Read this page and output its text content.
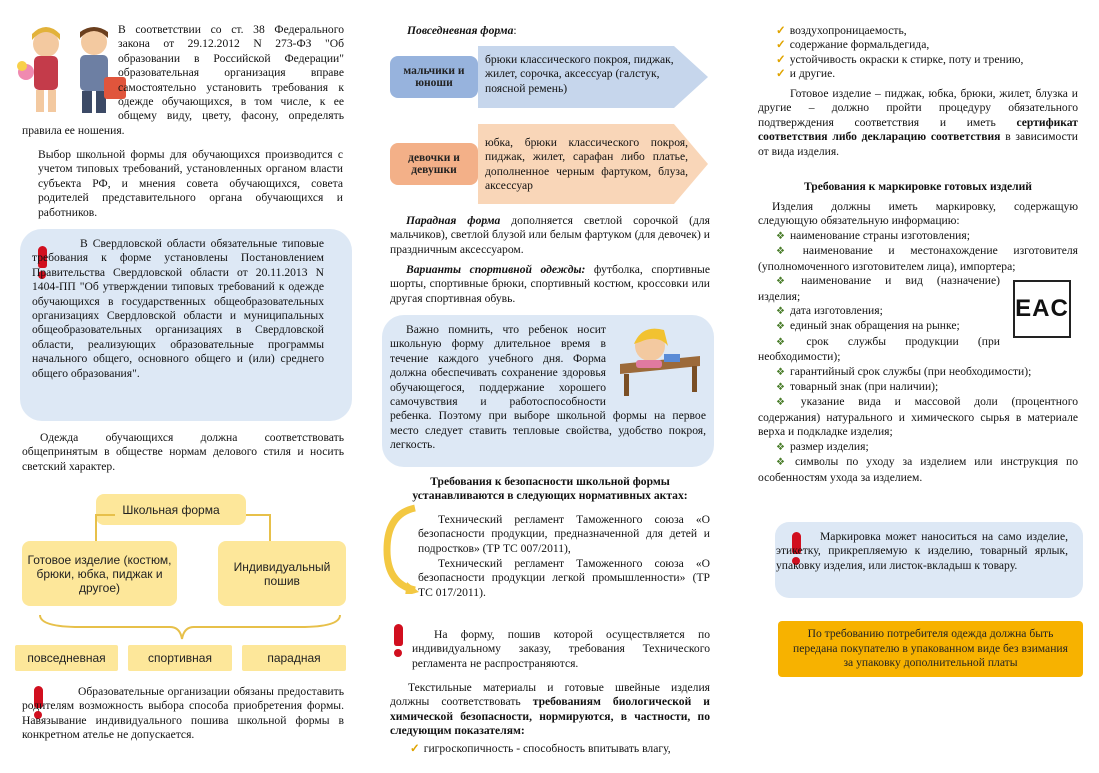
В соответствии со ст. 38 Федерального закона от 29.12.2012 N 273-ФЗ "Об образовании в Российской Федерации" образовательная организация вправе самостоятельно установить требования к одежде обучающихся, в том числе, к ее общему виду, цвету, фасону, определять правила ее ношения.
Выбор школьной формы для обучающихся производится с учетом типовых требований, установленных органом власти субъекта РФ, и мнения совета обучающихся, совета родителей представительного органа обучающихся и работников.
В Свердловской области обязательные типовые требования к форме установлены Постановлением Правительства Свердловской области от 20.11.2013 N 1404-ПП "Об утверждении типовых требований к одежде обучающихся в государственных общеобразовательных организациях Свердловской области и муниципальных общеобразовательных организациях в Свердловской области, реализующих образовательные программы начального общего, основного общего и (или) среднего общего образования".
Одежда обучающихся должна соответствовать общепринятым в обществе нормам делового стиля и носить светский характер.
Школьная форма
Готовое изделие (костюм, брюки, юбка, пиджак и другое)
Индивидуальный пошив
повседневная	спортивная	парадная
Образовательные организации обязаны предоставить родителям возможность выбора способа приобретения формы. Навязывание индивидуального пошива школьной формы в конкретном ателье не допускается.
Повседневная форма:
мальчики и юноши
брюки классического покроя, пиджак, жилет, сорочка, аксессуар (галстук, поясной ремень)
девочки и девушки
юбка, брюки классического покроя, пиджак, жилет, сарафан либо платье, дополненное черным фартуком, блуза, аксессуар
Парадная форма дополняется светлой сорочкой (для мальчиков), светлой блузой или белым фартуком (для девочек) и праздничным аксессуаром.
Варианты спортивной одежды: футболка, спортивные шорты, спортивные брюки, спортивный костюм, кроссовки или другая спортивная обувь.
Важно помнить, что ребенок носит школьную форму длительное время в течение каждого учебного дня. Форма должна обеспечивать сохранение здоровья обучающегося, поддержание хорошего самочувствия и работоспособности ребенка. Поэтому при выборе школьной формы на первое место следует ставить тепловые свойства, удобство покроя, легкость.
Требования к безопасности школьной формы устанавливаются в следующих нормативных актах:
Технический регламент Таможенного союза «О безопасности продукции, предназначенной для детей и подростков» (ТР ТС 007/2011),
Технический регламент Таможенного союза «О безопасности продукции легкой промышленности» (ТР ТС 017/2011).
На форму, пошив которой осуществляется по индивидуальному заказу, требования Технического регламента не распространяются.
Текстильные материалы и готовые швейные изделия должны соответствовать требованиям биологической и химической безопасности, нормируются, в частности, по следующим показателям:
✓ гигроскопичность - способность впитывать влагу,
✓ воздухопроницаемость,
✓ содержание формальдегида,
✓ устойчивость окраски к стирке, поту и трению,
✓ и другие.
Готовое изделие – пиджак, юбка, брюки, жилет, блузка и другие – должно пройти процедуру обязательного подтверждения соответствия и иметь сертификат соответствия либо декларацию соответствия в зависимости от вида изделия.
Требования к маркировке готовых изделий
Изделия должны иметь маркировку, содержащую следующую обязательную информацию:
EAC
❖ наименование страны изготовления;
❖ наименование и местонахождение изготовителя (уполномоченного изготовителем лица), импортера;
❖ наименование и вид (назначение) изделия;
❖ дата изготовления;
❖ единый знак обращения на рынке;
❖ срок службы продукции (при необходимости);
❖ гарантийный срок службы (при необходимости);
❖ товарный знак (при наличии);
❖ указание вида и массовой доли (процентного содержания) натурального и химического сырья в материале верха и подкладке изделия;
❖ размер изделия;
❖ символы по уходу за изделием или инструкция по особенностям ухода за изделием.
Маркировка может наноситься на само изделие, этикетку, прикрепляемую к изделию, товарный ярлык, упаковку изделия, или листок-вкладыш к товару.
По требованию потребителя одежда должна быть передана покупателю в упакованном виде без взимания за упаковку дополнительной платы
